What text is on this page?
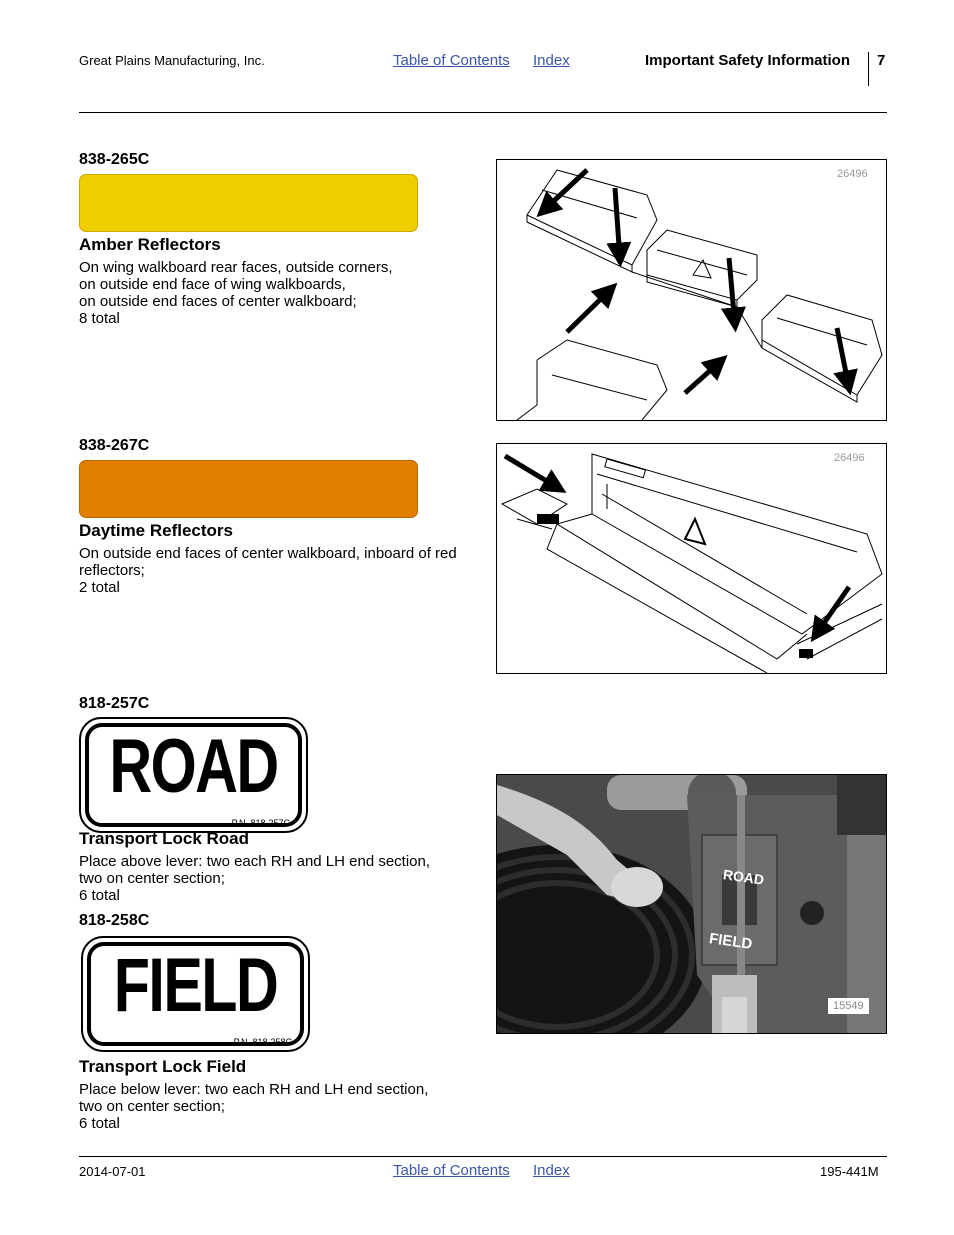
Great Plains Manufacturing, Inc.	Table of Contents Index	Important Safety Information 7
838-265C
Amber Reflectors
On wing walkboard rear faces, outside corners,
on outside end face of wing walkboards,
on outside end faces of center walkboard;
8 total
838-267C
Daytime Reflectors
On outside end faces of center walkboard, inboard of red
reflectors;
2 total
818-257C
ROAD
P.N. 818-257C
Transport Lock Road
Place above lever: two each RH and LH end section,
two on center section;
6 total
818-258C
FIELD
P.N. 818-258C
Transport Lock Field
Place below lever: two each RH and LH end section,
two on center section;
6 total
26496
26496
ROAD
FIELD
15549
2014-07-01	Table of Contents Index	195-441M
